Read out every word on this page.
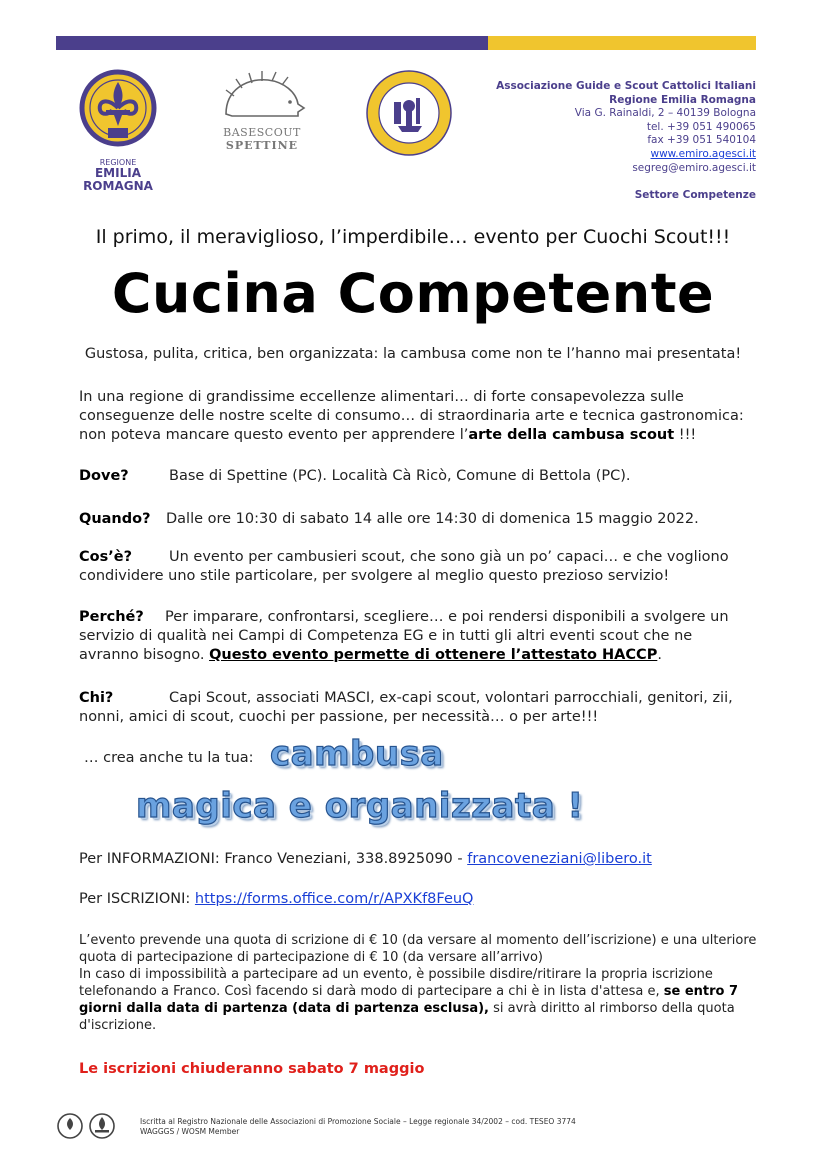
REGIONE
EMILIA
ROMAGNA
BASESCOUT
SPETTINE
Associazione Guide e Scout Cattolici Italiani
Regione Emilia Romagna
Via G. Rainaldi, 2 – 40139 Bologna
tel. +39 051 490065
fax +39 051 540104
www.emiro.agesci.it
segreg@emiro.agesci.it
Settore Competenze
Il primo, il meraviglioso, l’imperdibile… evento per Cuochi Scout!!!
Cucina Competente
Gustosa, pulita, critica, ben organizzata: la cambusa come non te l’hanno mai presentata!
In una regione di grandissime eccellenze alimentari… di forte consapevolezza sulle conseguenze delle nostre scelte di consumo… di straordinaria arte e tecnica gastronomica: non poteva mancare questo evento per apprendere l’arte della cambusa scout !!!
Dove?	Base di Spettine (PC). Località Cà Ricò, Comune di Bettola (PC).
Quando? Dalle ore 10:30 di sabato 14 alle ore 14:30 di domenica 15 maggio 2022.
Cos’è?	Un evento per cambusieri scout, che sono già un po’ capaci… e che vogliono condividere uno stile particolare, per svolgere al meglio questo prezioso servizio!
Perché? Per imparare, confrontarsi, scegliere… e poi rendersi disponibili a svolgere un servizio di qualità nei Campi di Competenza EG e in tutti gli altri eventi scout che ne avranno bisogno. Questo evento permette di ottenere l’attestato HACCP.
Chi?	Capi Scout, associati MASCI, ex-capi scout, volontari parrocchiali, genitori, zii, nonni, amici di scout, cuochi per passione, per necessità… o per arte!!!
… crea anche tu la tua: cambusa
magica e organizzata !
Per INFORMAZIONI: Franco Veneziani, 338.8925090 - francoveneziani@libero.it
Per ISCRIZIONI: https://forms.office.com/r/APXKf8FeuQ
L’evento prevende una quota di scrizione di € 10 (da versare al momento dell’iscrizione) e una ulteriore quota di partecipazione di partecipazione di € 10 (da versare all’arrivo)
In caso di impossibilità a partecipare ad un evento, è possibile disdire/ritirare la propria iscrizione telefonando a Franco. Così facendo si darà modo di partecipare a chi è in lista d'attesa e, se entro 7 giorni dalla data di partenza (data di partenza esclusa), si avrà diritto al rimborso della quota d'iscrizione.
Le iscrizioni chiuderanno sabato 7 maggio
Iscritta al Registro Nazionale delle Associazioni di Promozione Sociale – Legge regionale 34/2002 – cod. TESEO 3774
WAGGGS / WOSM Member
